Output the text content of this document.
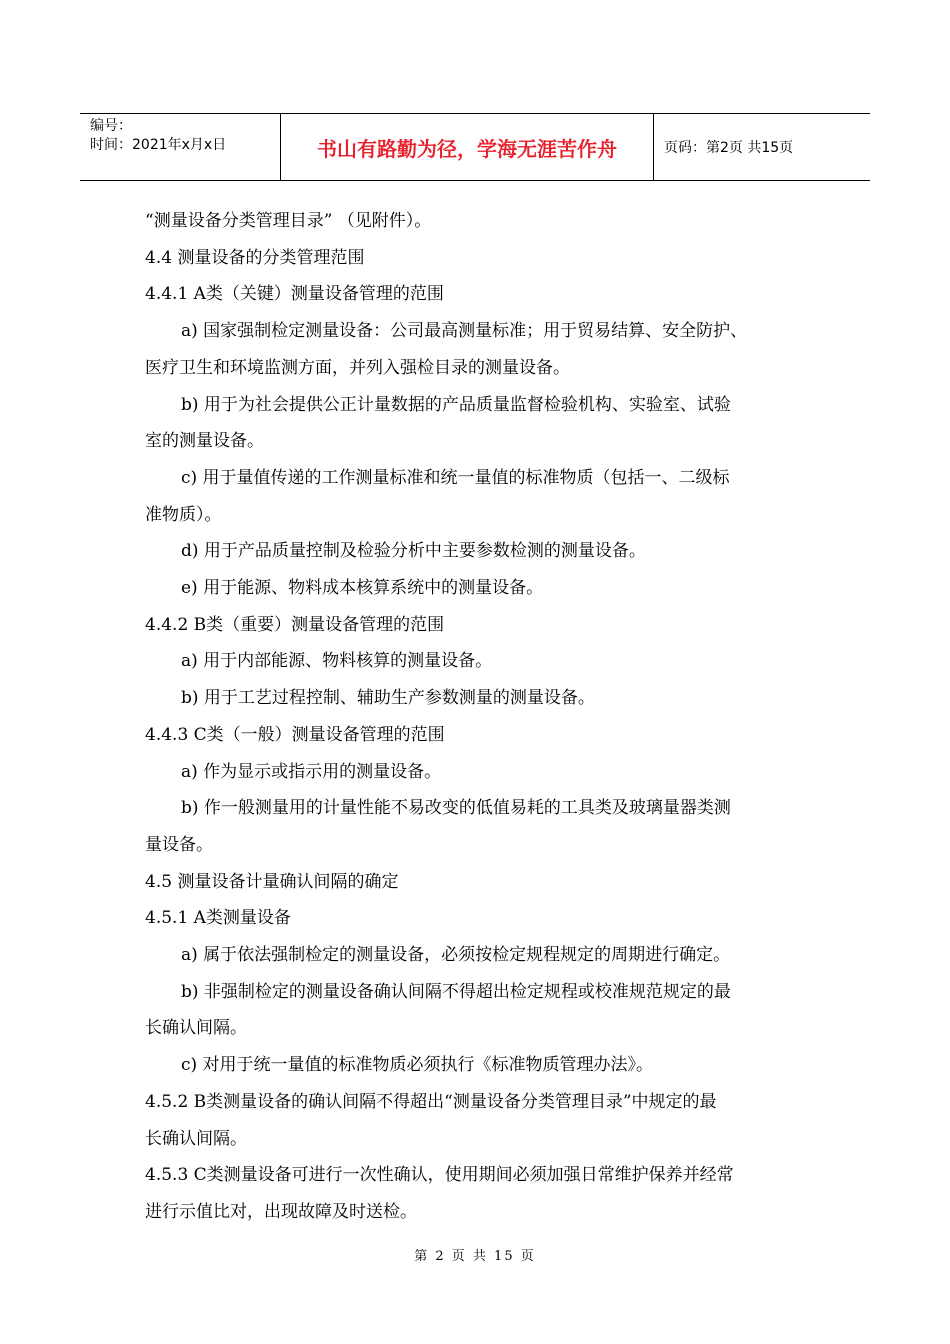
编号：
时间：2021年x月x日	书山有路勤为径，学海无涯苦作舟	页码：第2页 共15页

“测量设备分类管理目录” （见附件）。

4.4 测量设备的分类管理范围

4.4.1 A类（关键）测量设备管理的范围

a) 国家强制检定测量设备：公司最高测量标准；用于贸易结算、安全防护、

医疗卫生和环境监测方面，并列入强检目录的测量设备。

b) 用于为社会提供公正计量数据的产品质量监督检验机构、实验室、试验

室的测量设备。

c) 用于量值传递的工作测量标准和统一量值的标准物质（包括一、二级标

准物质）。

d) 用于产品质量控制及检验分析中主要参数检测的测量设备。

e) 用于能源、物料成本核算系统中的测量设备。

4.4.2 B类（重要）测量设备管理的范围

a) 用于内部能源、物料核算的测量设备。

b) 用于工艺过程控制、辅助生产参数测量的测量设备。

4.4.3 C类（一般）测量设备管理的范围

a) 作为显示或指示用的测量设备。

b) 作一般测量用的计量性能不易改变的低值易耗的工具类及玻璃量器类测

量设备。

4.5 测量设备计量确认间隔的确定

4.5.1 A类测量设备

a) 属于依法强制检定的测量设备，必须按检定规程规定的周期进行确定。

b) 非强制检定的测量设备确认间隔不得超出检定规程或校准规范规定的最

长确认间隔。

c) 对用于统一量值的标准物质必须执行《标准物质管理办法》。

4.5.2 B类测量设备的确认间隔不得超出“测量设备分类管理目录”中规定的最

长确认间隔。

4.5.3 C类测量设备可进行一次性确认，使用期间必须加强日常维护保养并经常

进行示值比对，出现故障及时送检。

第 2 页 共 15 页
